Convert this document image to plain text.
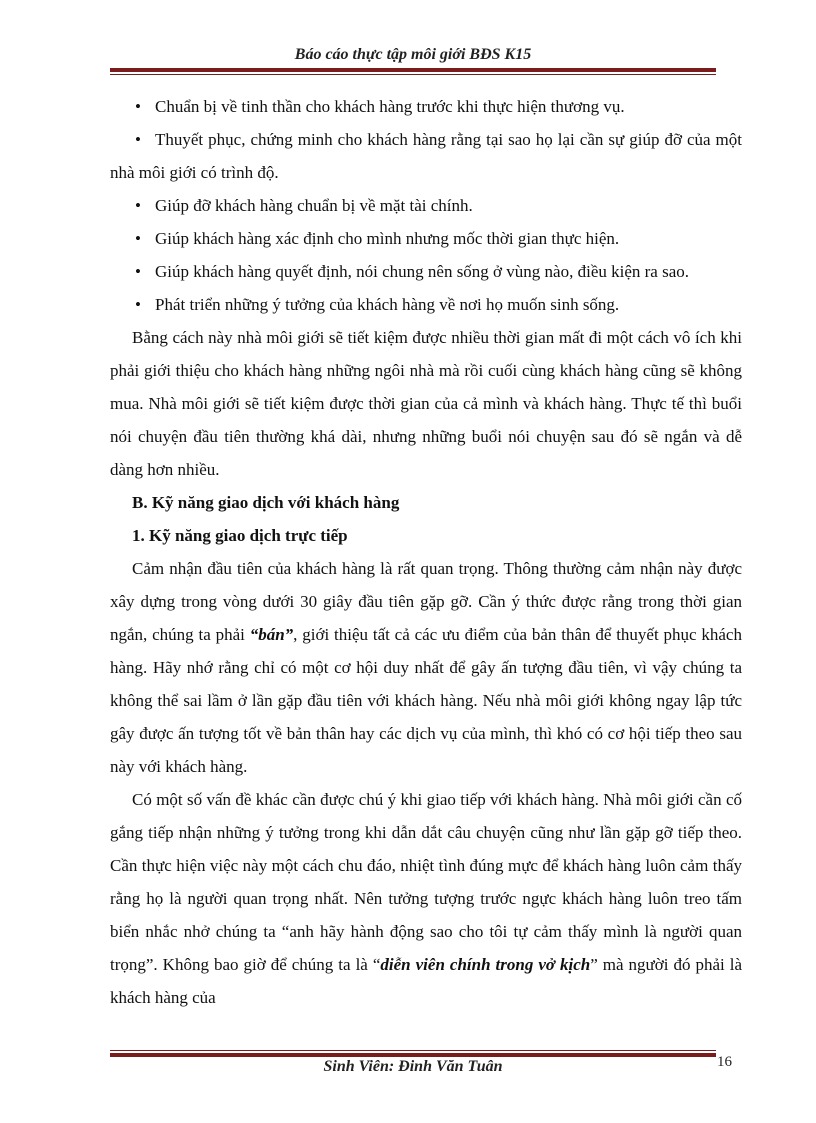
Báo cáo thực tập môi giới BĐS K15

• Chuẩn bị về tinh thần cho khách hàng trước khi thực hiện thương vụ.

• Thuyết phục, chứng minh cho khách hàng rằng tại sao họ lại cần sự giúp đỡ của một nhà môi giới có trình độ.

• Giúp đỡ khách hàng chuẩn bị về mặt tài chính.

• Giúp khách hàng xác định cho mình nhưng mốc thời gian thực hiện.

• Giúp khách hàng quyết định, nói chung nên sống ở vùng nào, điều kiện ra sao.

• Phát triển những ý tưởng của khách hàng về nơi họ muốn sinh sống.

Bằng cách này nhà môi giới sẽ tiết kiệm được nhiều thời gian mất đi một cách vô ích khi phải giới thiệu cho khách hàng những ngôi nhà mà rồi cuối cùng khách hàng cũng sẽ không mua. Nhà môi giới sẽ tiết kiệm được thời gian của cả mình và khách hàng. Thực tế thì buổi nói chuyện đầu tiên thường khá dài, nhưng những buổi nói chuyện sau đó sẽ ngắn và dễ dàng hơn nhiều.

B. Kỹ năng giao dịch với khách hàng

1. Kỹ năng giao dịch trực tiếp

Cảm nhận đầu tiên của khách hàng là rất quan trọng. Thông thường cảm nhận này được xây dựng trong vòng dưới 30 giây đầu tiên gặp gỡ. Cần ý thức được rằng trong thời gian ngắn, chúng ta phải “bán”, giới thiệu tất cả các ưu điểm của bản thân để thuyết phục khách hàng. Hãy nhớ rằng chỉ có một cơ hội duy nhất để gây ấn tượng đầu tiên, vì vậy chúng ta không thể sai lầm ở lần gặp đầu tiên với khách hàng. Nếu nhà môi giới không ngay lập tức gây được ấn tượng tốt về bản thân hay các dịch vụ của mình, thì khó có cơ hội tiếp theo sau này với khách hàng.

Có một số vấn đề khác cần được chú ý khi giao tiếp với khách hàng. Nhà môi giới cần cố gắng tiếp nhận những ý tưởng trong khi dẫn dắt câu chuyện cũng như lần gặp gỡ tiếp theo. Cần thực hiện việc này một cách chu đáo, nhiệt tình đúng mực để khách hàng luôn cảm thấy rằng họ là người quan trọng nhất. Nên tưởng tượng trước ngực khách hàng luôn treo tấm biển nhắc nhở chúng ta “anh hãy hành động sao cho tôi tự cảm thấy mình là người quan trọng”. Không bao giờ để chúng ta là “diễn viên chính trong vở kịch” mà người đó phải là khách hàng của

Sinh Viên: Đinh Văn Tuân	16
